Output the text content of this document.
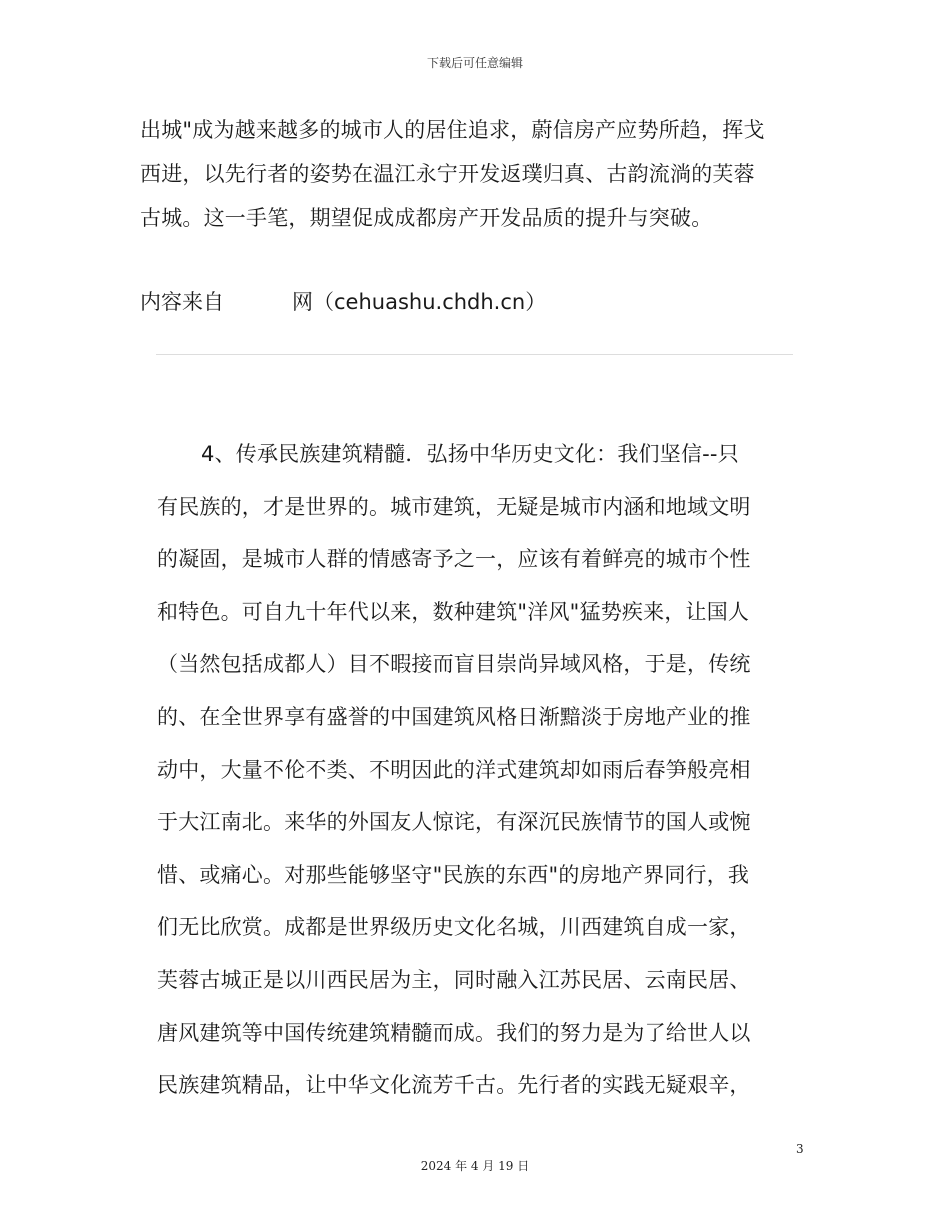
下载后可任意编辑
出城"成为越来越多的城市人的居住追求，蔚信房产应势所趋，挥戈
西进，以先行者的姿势在温江永宁开发返璞归真、古韵流淌的芙蓉
古城。这一手笔，期望促成成都房产开发品质的提升与突破。
内容来自	网（cehuashu.chdh.cn）
4、传承民族建筑精髓．弘扬中华历史文化：我们坚信--只
有民族的，才是世界的。城市建筑，无疑是城市内涵和地域文明
的凝固，是城市人群的情感寄予之一，应该有着鲜亮的城市个性
和特色。可自九十年代以来，数种建筑"洋风"猛势疾来，让国人
（当然包括成都人）目不暇接而盲目崇尚异域风格，于是，传统
的、在全世界享有盛誉的中国建筑风格日渐黯淡于房地产业的推
动中，大量不伦不类、不明因此的洋式建筑却如雨后春笋般亮相
于大江南北。来华的外国友人惊诧，有深沉民族情节的国人或惋
惜、或痛心。对那些能够坚守"民族的东西"的房地产界同行，我
们无比欣赏。成都是世界级历史文化名城，川西建筑自成一家，
芙蓉古城正是以川西民居为主，同时融入江苏民居、云南民居、
唐风建筑等中国传统建筑精髓而成。我们的努力是为了给世人以
民族建筑精品，让中华文化流芳千古。先行者的实践无疑艰辛，
3
2024 年 4 月 19 日
